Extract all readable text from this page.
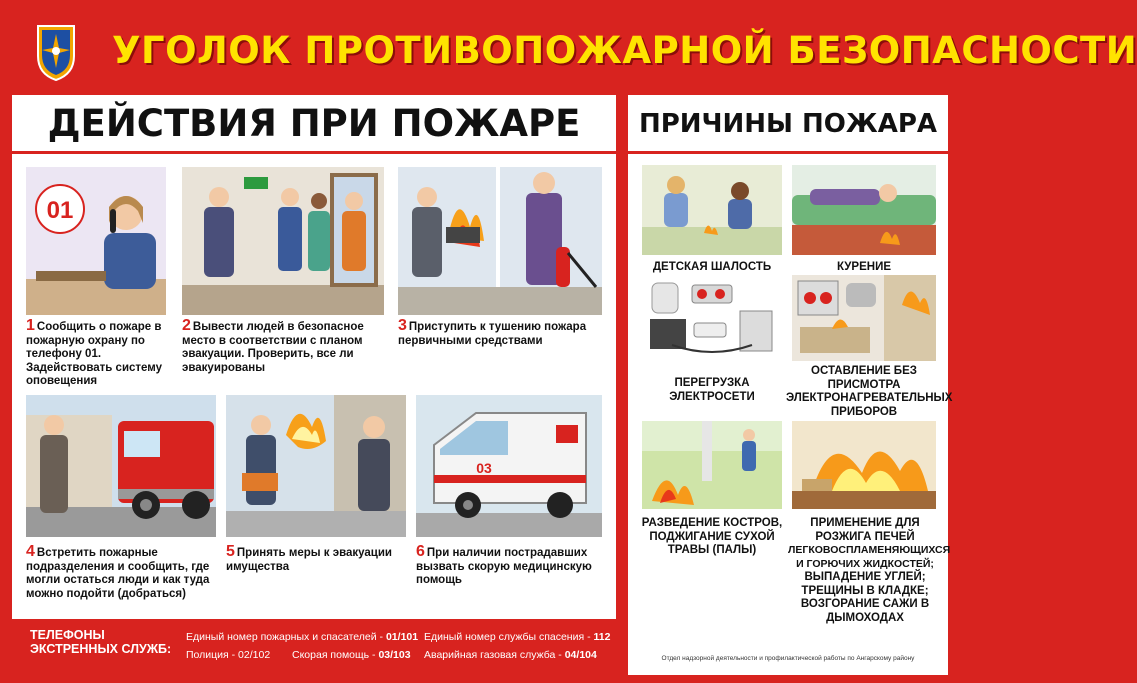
УГОЛОК ПРОТИВОПОЖАРНОЙ БЕЗОПАСНОСТИ
ДЕЙСТВИЯ ПРИ ПОЖАРЕ
01
1 Сообщить о пожаре в пожарную охрану по телефону 01. Задействовать систему оповещения
2 Вывести людей в безопасное место в соответствии с планом эвакуации. Проверить, все ли эвакуированы
3 Приступить к тушению пожара первичными средствами
4 Встретить пожарные подразделения и сообщить, где могли остаться люди и как туда можно подойти (добраться)
5 Принять меры к эвакуации имущества
03
6 При наличии пострадавших вызвать скорую медицинскую помощь
ТЕЛЕФОНЫ ЭКСТРЕННЫХ СЛУЖБ:
Единый номер пожарных и спасателей - 01/101 Единый номер службы спасения - 112
Полиция - 02/102 Скорая помощь - 03/103 Аварийная газовая служба - 04/104
ПРИЧИНЫ ПОЖАРА
ДЕТСКАЯ ШАЛОСТЬ	КУРЕНИЕ
ПЕРЕГРУЗКА ЭЛЕКТРОСЕТИ
ОСТАВЛЕНИЕ БЕЗ ПРИСМОТРА ЭЛЕКТРОНАГРЕВАТЕЛЬНЫХ ПРИБОРОВ
РАЗВЕДЕНИЕ КОСТРОВ, ПОДЖИГАНИЕ СУХОЙ ТРАВЫ (ПАЛЫ)
ПРИМЕНЕНИЕ ДЛЯ РОЗЖИГА ПЕЧЕЙ
ЛЕГКОВОСПЛАМЕНЯЮЩИХСЯ И ГОРЮЧИХ ЖИДКОСТЕЙ;
ВЫПАДЕНИЕ УГЛЕЙ; ТРЕЩИНЫ В КЛАДКЕ; ВОЗГОРАНИЕ САЖИ В ДЫМОХОДАХ
Отдел надзорной деятельности и профилактической работы по Ангарскому району
